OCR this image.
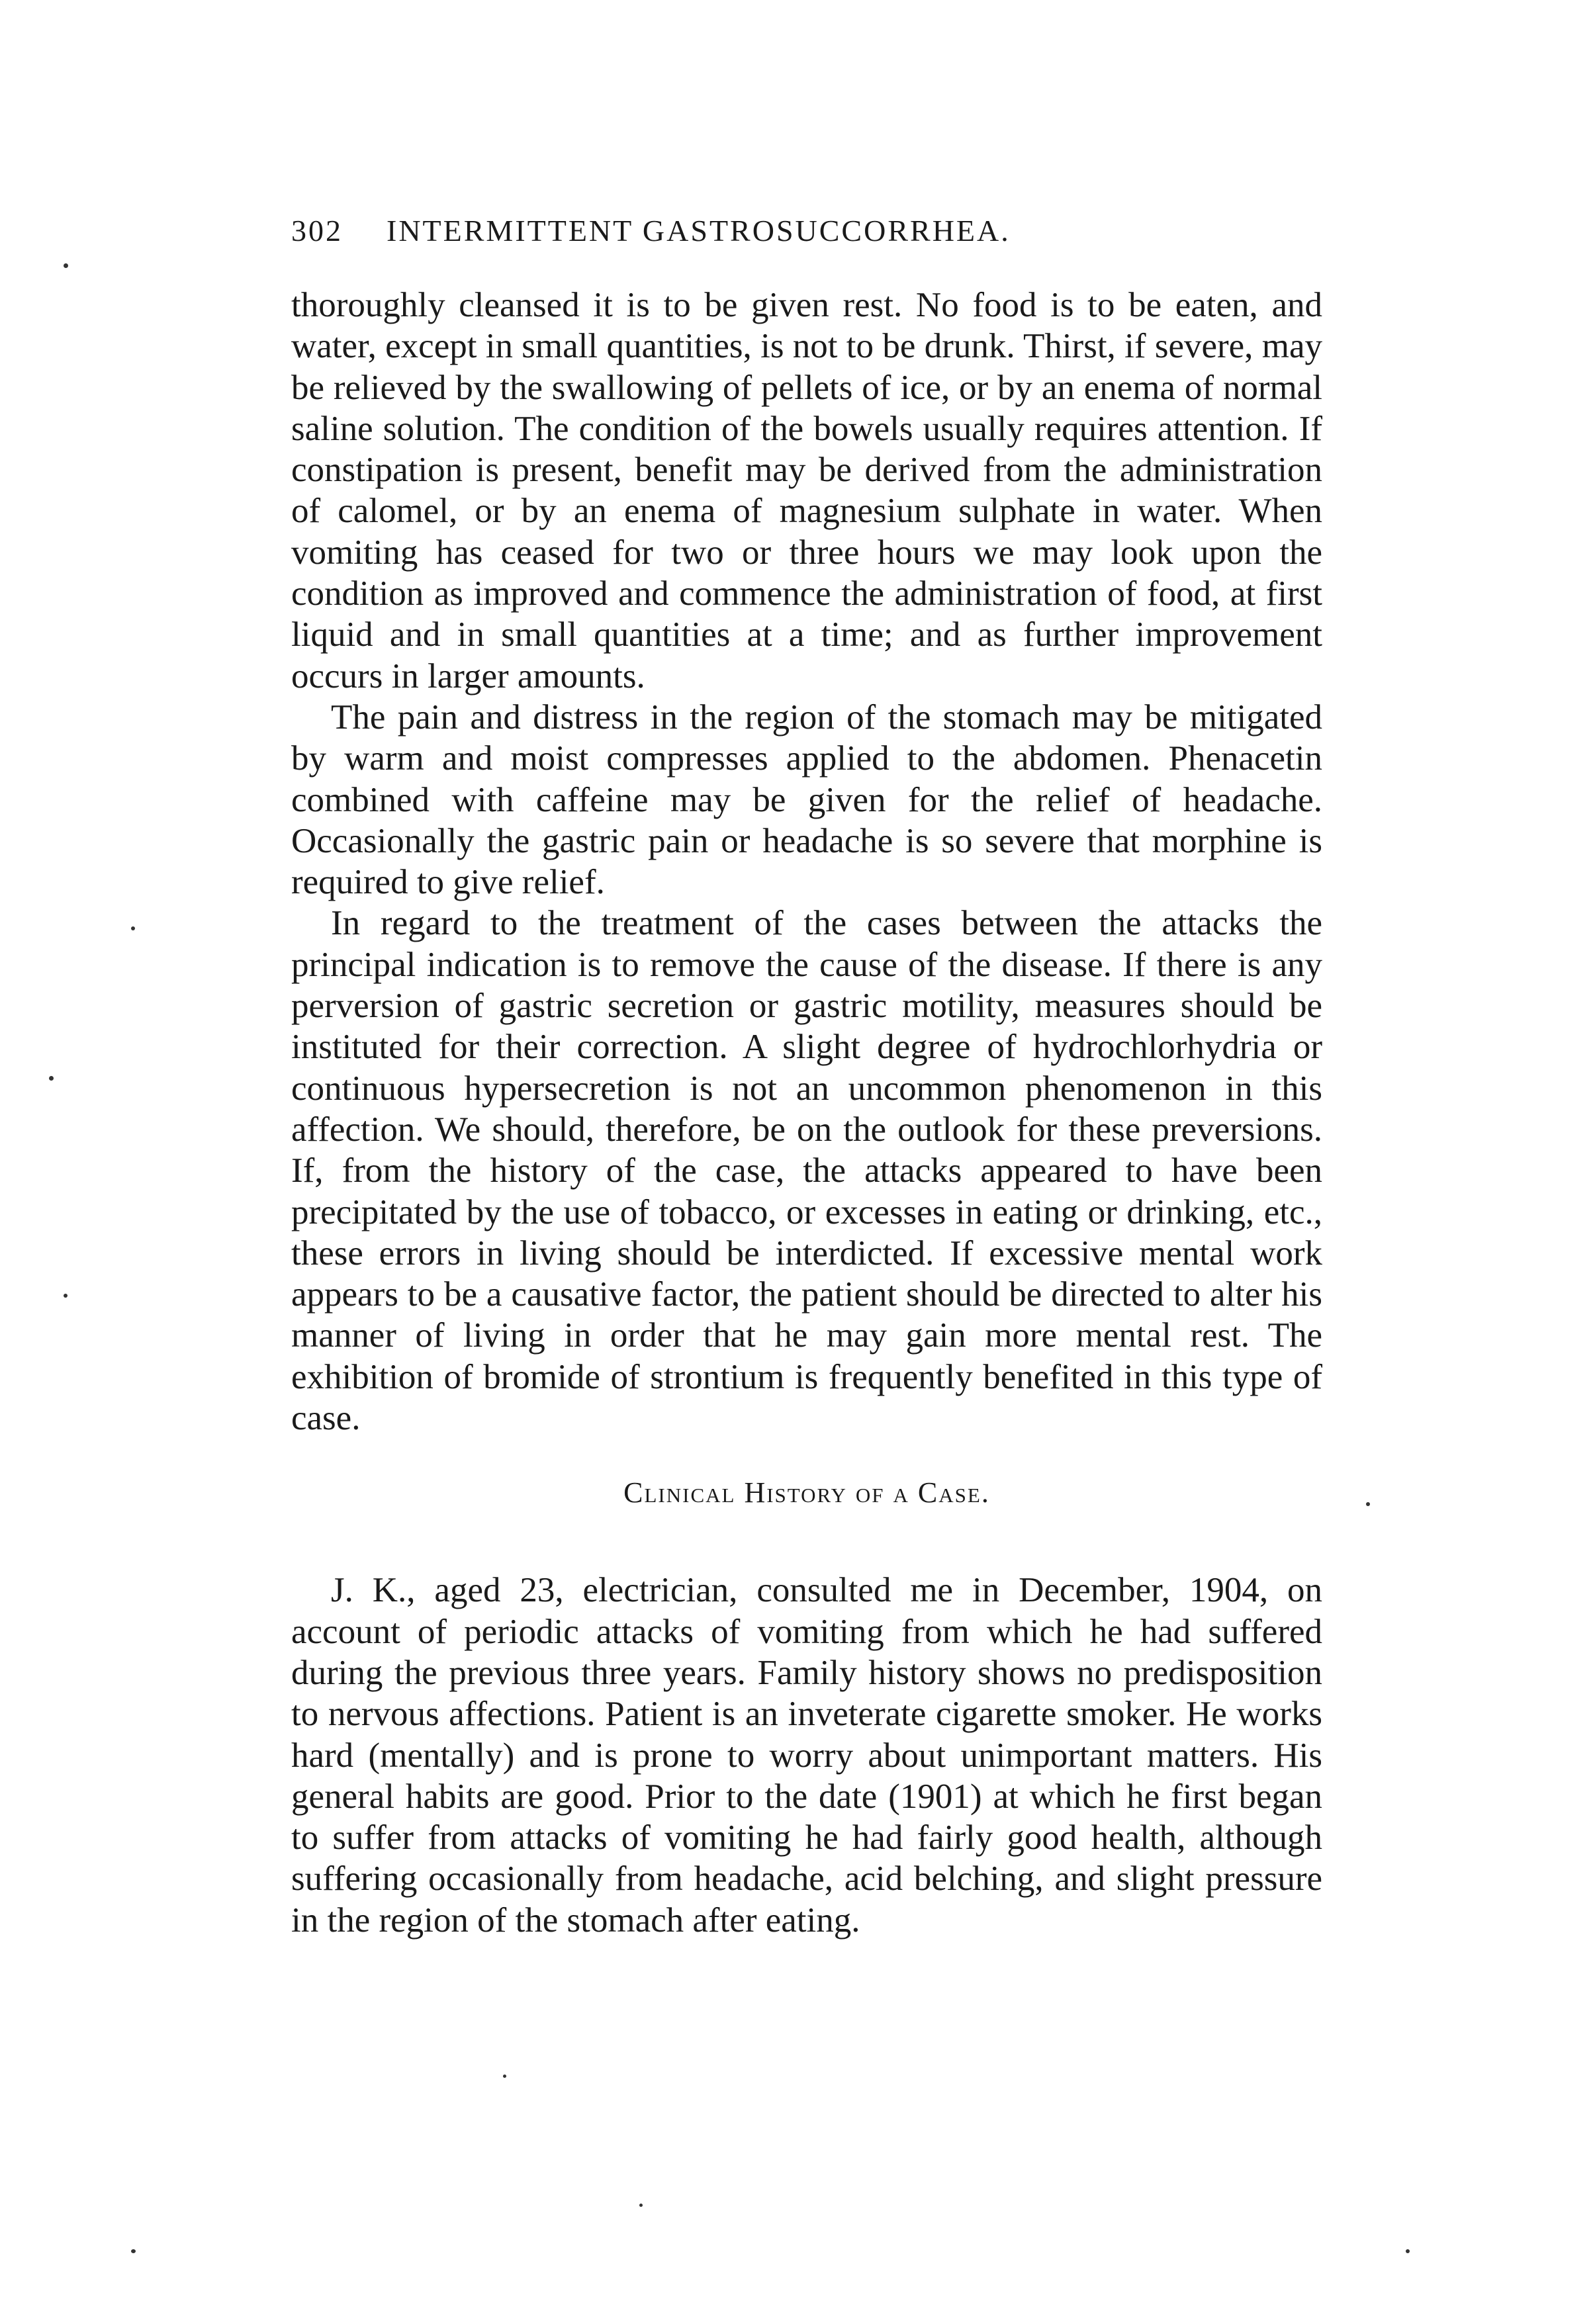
302 INTERMITTENT GASTROSUCCORRHEA.

thoroughly cleansed it is to be given rest. No food is to be eaten, and water, except in small quantities, is not to be drunk. Thirst, if severe, may be relieved by the swallowing of pellets of ice, or by an enema of normal saline solution. The condition of the bowels usually requires attention. If constipation is present, benefit may be derived from the administration of calomel, or by an enema of magnesium sulphate in water. When vomiting has ceased for two or three hours we may look upon the condition as improved and commence the administration of food, at first liquid and in small quantities at a time; and as further improvement occurs in larger amounts.

The pain and distress in the region of the stomach may be mitigated by warm and moist compresses applied to the abdomen. Phenacetin combined with caffeine may be given for the relief of headache. Occasionally the gastric pain or headache is so severe that morphine is required to give relief.

In regard to the treatment of the cases between the attacks the principal indication is to remove the cause of the disease. If there is any perversion of gastric secretion or gastric motility, measures should be instituted for their correction. A slight degree of hydrochlorhydria or continuous hypersecretion is not an uncommon phenomenon in this affection. We should, therefore, be on the outlook for these preversions. If, from the history of the case, the attacks appeared to have been precipitated by the use of tobacco, or excesses in eating or drinking, etc., these errors in living should be interdicted. If excessive mental work appears to be a causative factor, the patient should be directed to alter his manner of living in order that he may gain more mental rest. The exhibition of bromide of strontium is frequently benefited in this type of case.

Clinical History of a Case.

J. K., aged 23, electrician, consulted me in December, 1904, on account of periodic attacks of vomiting from which he had suffered during the previous three years. Family history shows no predisposition to nervous affections. Patient is an inveterate cigarette smoker. He works hard (mentally) and is prone to worry about unimportant matters. His general habits are good. Prior to the date (1901) at which he first began to suffer from attacks of vomiting he had fairly good health, although suffering occasionally from headache, acid belching, and slight pressure in the region of the stomach after eating.
